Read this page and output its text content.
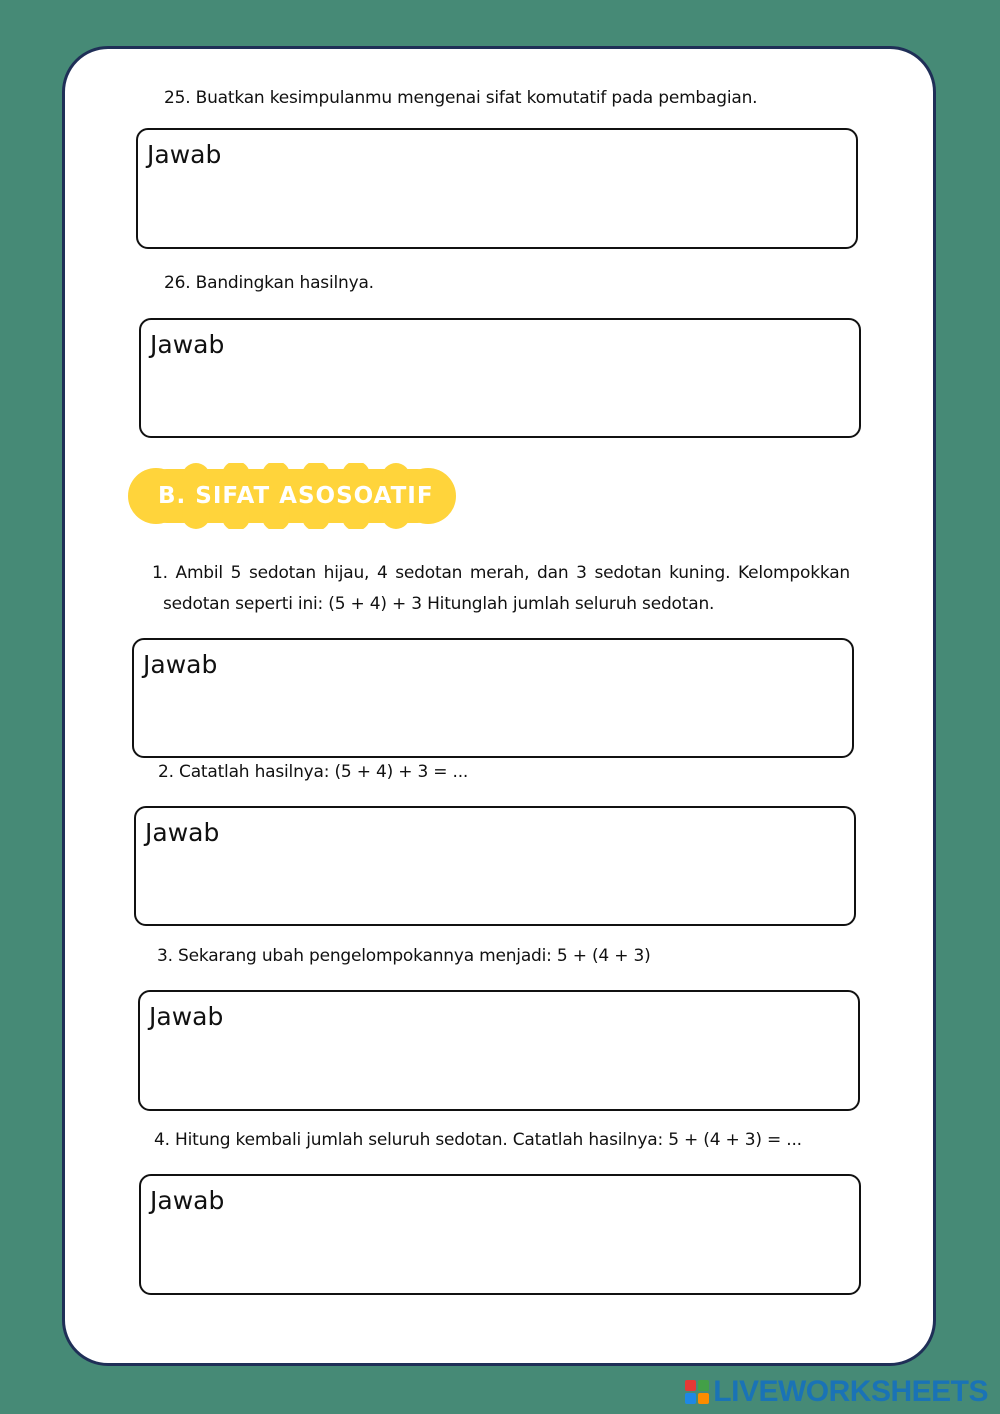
25. Buatkan kesimpulanmu mengenai sifat komutatif pada pembagian.
Jawab
26. Bandingkan hasilnya.
Jawab
B. SIFAT ASOSOATIF
1. Ambil 5 sedotan hijau, 4 sedotan merah, dan 3 sedotan kuning. Kelompokkan
sedotan seperti ini: (5 + 4) + 3 Hitunglah jumlah seluruh sedotan.
Jawab
2. Catatlah hasilnya: (5 + 4) + 3 = ...
Jawab
3. Sekarang ubah pengelompokannya menjadi: 5 + (4 + 3)
Jawab
4. Hitung kembali jumlah seluruh sedotan. Catatlah hasilnya: 5 + (4 + 3) = ...
Jawab
LIVEWORKSHEETS
